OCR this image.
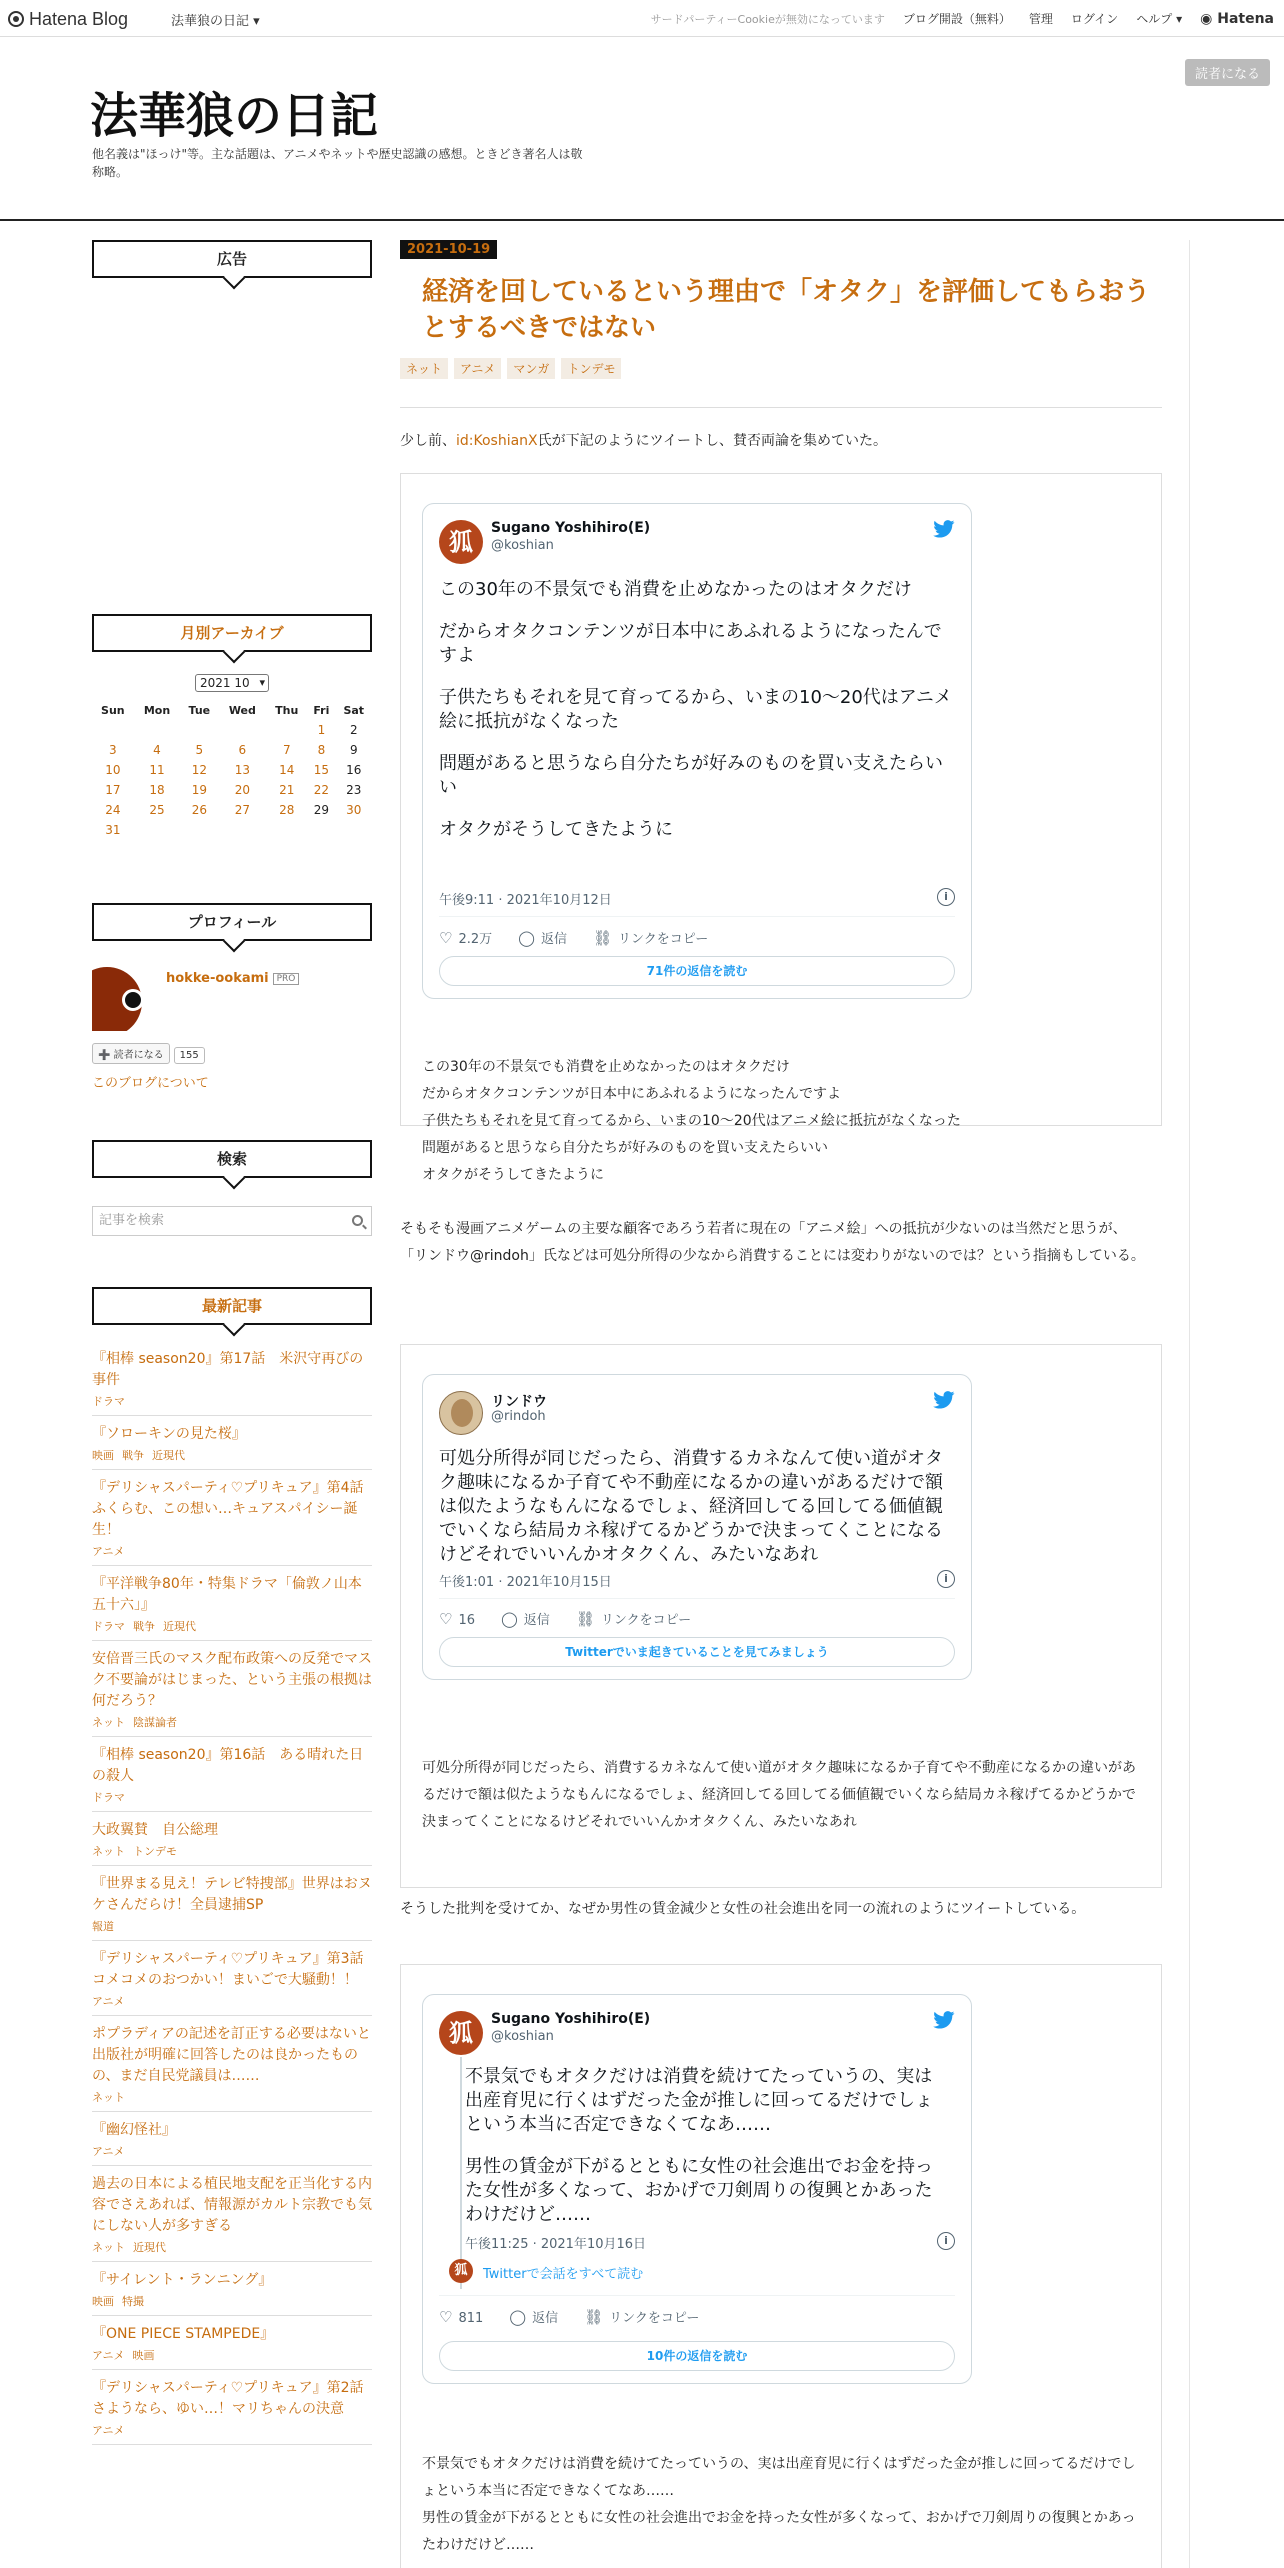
Hatena Blog	法華狼の日記 ▾	サードパーティーCookieが無効になっています ブログ開設（無料） 管理 ログイン ヘルプ ▾ ◉ Hatena
法華狼の日記
他名義は"ほっけ"等。主な話題は、アニメやネットや歴史認識の感想。ときどき著名人は敬称略。
読者になる
広告
月別アーカイブ
2021 10 ▾
Sun	Mon	Tue	Wed	Thu	Fri	Sat
					1	2
3	4	5	6	7	8	9
10	11	12	13	14	15	16
17	18	19	20	21	22	23
24	25	26	27	28	29	30
31						
プロフィール
hokke-ookami PRO
➕ 読者になる 155
このブログについて
検索
記事を検索
最新記事
『相棒 season20』第17話　米沢守再びの事件
ドラマ
『ソローキンの見た桜』
映画 戦争 近現代
『デリシャスパーティ♡プリキュア』第4話　ふくらむ、この想い…キュアスパイシー誕生！
アニメ
『平洋戦争80年・特集ドラマ「倫敦ノ山本五十六」』
ドラマ 戦争 近現代
安倍晋三氏のマスク配布政策への反発でマスク不要論がはじまった、という主張の根拠は何だろう？
ネット 陰謀論者
『相棒 season20』第16話　ある晴れた日の殺人
ドラマ
大政翼賛　自公総理
ネット トンデモ
『世界まる見え！テレビ特捜部』世界はおヌケさんだらけ！全員逮捕SP
報道
『デリシャスパーティ♡プリキュア』第3話　コメコメのおつかい！まいごで大騒動！！
アニメ
ポプラディアの記述を訂正する必要はないと出版社が明確に回答したのは良かったものの、まだ自民党議員は……
ネット
『幽幻怪社』
アニメ
過去の日本による植民地支配を正当化する内容でさえあれば、情報源がカルト宗教でも気にしない人が多すぎる
ネット 近現代
『サイレント・ランニング』
映画 特撮
『ONE PIECE STAMPEDE』
アニメ 映画
『デリシャスパーティ♡プリキュア』第2話　さようなら、ゆい…！マリちゃんの決意
アニメ
2021-10-19
経済を回しているという理由で「オタク」を評価してもらおうとするべきではない
ネット	アニメ	マンガ	トンデモ
少し前、id:KoshianX氏が下記のようにツイートし、賛否両論を集めていた。
狐	Sugano Yoshihiro(E)
@koshian

この30年の不景気でも消費を止めなかったのはオタクだけ

だからオタクコンテンツが日本中にあふれるようになったんですよ

子供たちもそれを見て育ってるから、いまの10〜20代はアニメ絵に抵抗がなくなった

問題があると思うなら自分たちが好みのものを買い支えたらいい

オタクがそうしてきたように

午後9:11 · 2021年10月12日	i
♡ 2.2万 ◯ 返信 ⛓ リンクをコピー
71件の返信を読む
この30年の不景気でも消費を止めなかったのはオタクだけ
だからオタクコンテンツが日本中にあふれるようになったんですよ
子供たちもそれを見て育ってるから、いまの10〜20代はアニメ絵に抵抗がなくなった
問題があると思うなら自分たちが好みのものを買い支えたらいい
オタクがそうしてきたように
そもそも漫画アニメゲームの主要な顧客であろう若者に現在の「アニメ絵」への抵抗が少ないのは当然だと思うが、
「リンドウ@rindoh」氏などは可処分所得の少なから消費することには変わりがないのでは？という指摘もしている。
リンドウ
@rindoh
可処分所得が同じだったら、消費するカネなんて使い道がオタク趣味になるか子育てや不動産になるかの違いがあるだけで額は似たようなもんになるでしょ、経済回してる回してる価値観でいくなら結局カネ稼げてるかどうかで決まってくことになるけどそれでいいんかオタクくん、みたいなあれ
午後1:01 · 2021年10月15日	i
♡ 16 ◯ 返信 ⛓ リンクをコピー
Twitterでいま起きていることを見てみましょう
可処分所得が同じだったら、消費するカネなんて使い道がオタク趣味になるか子育てや不動産になるかの違いがあるだけで額は似たようなもんになるでしょ、経済回してる回してる価値観でいくなら結局カネ稼げてるかどうかで決まってくことになるけどそれでいいんかオタクくん、みたいなあれ
そうした批判を受けてか、なぜか男性の賃金減少と女性の社会進出を同一の流れのようにツイートしている。
狐	Sugano Yoshihiro(E)
@koshian

不景気でもオタクだけは消費を続けてたっていうの、実は出産育児に行くはずだった金が推しに回ってるだけでしょという本当に否定できなくてなあ……

男性の賃金が下がるとともに女性の社会進出でお金を持った女性が多くなって、おかげで刀剣周りの復興とかあったわけだけど……

午後11:25 · 2021年10月16日	i
狐	Twitterで会話をすべて読む
♡ 811 ◯ 返信 ⛓ リンクをコピー
10件の返信を読む
不景気でもオタクだけは消費を続けてたっていうの、実は出産育児に行くはずだった金が推しに回ってるだけでしょという本当に否定できなくてなあ……
男性の賃金が下がるとともに女性の社会進出でお金を持った女性が多くなって、おかげで刀剣周りの復興とかあったわけだけど……
